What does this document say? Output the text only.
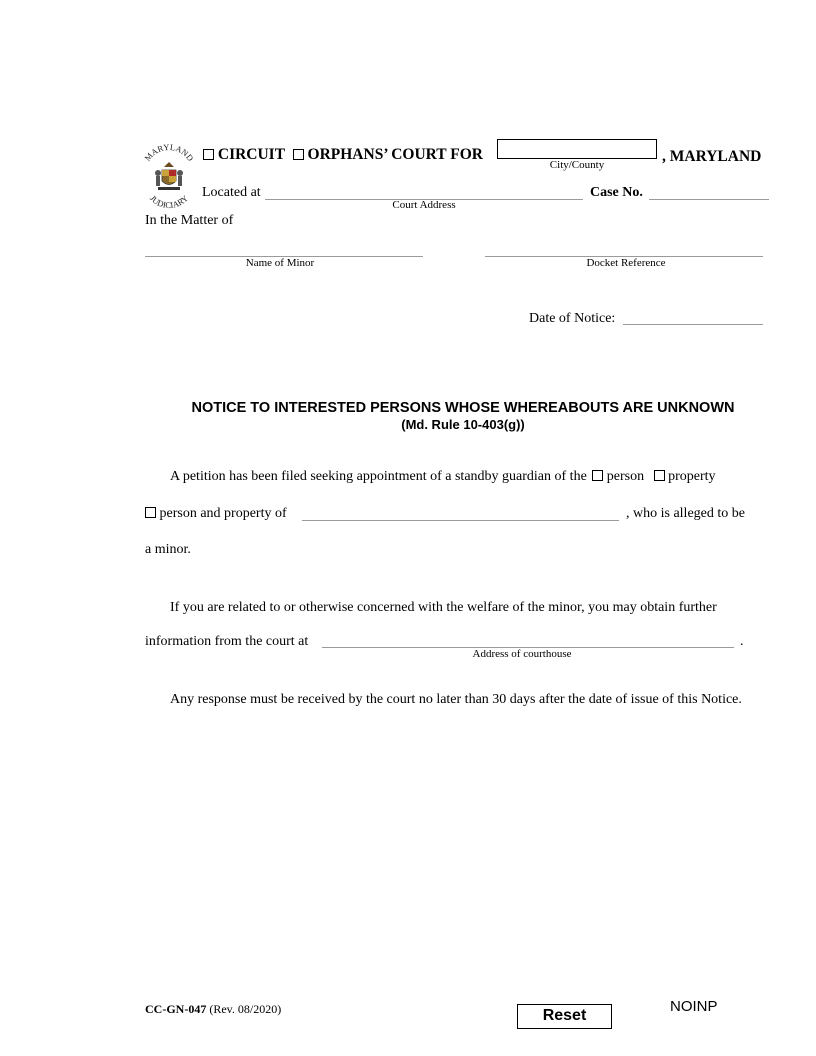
MARYLAND
JUDICIARY
CIRCUIT ORPHANS’ COURT FOR
City/County	, MARYLAND
Located at
Court Address
Case No.
In the Matter of
Name of Minor	Docket Reference
Date of Notice:
NOTICE TO INTERESTED PERSONS WHOSE WHEREABOUTS ARE UNKNOWN
(Md. Rule 10-403(g))
A petition has been filed seeking appointment of a standby guardian of the person property
person and property of	, who is alleged to be
a minor.
If you are related to or otherwise concerned with the welfare of the minor, you may obtain further
information from the court at	.
Address of courthouse
Any response must be received by the court no later than 30 days after the date of issue of this Notice.
CC-GN-047 (Rev. 08/2020)	Reset
NOINP
